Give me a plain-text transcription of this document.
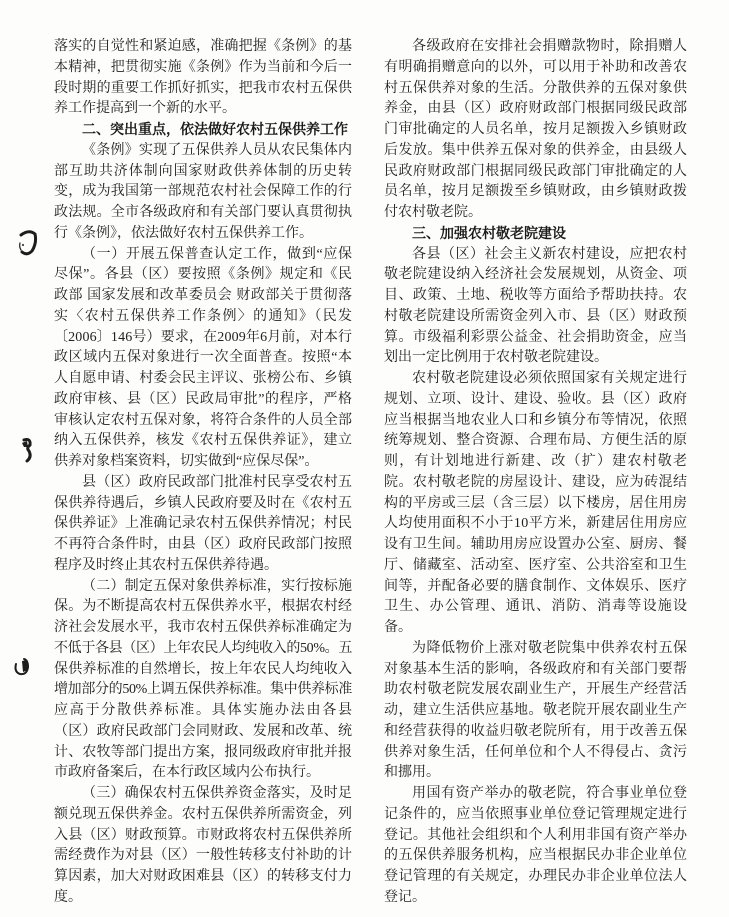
落实的自觉性和紧迫感，准确把握《条例》的基
本精神，把贯彻实施《条例》作为当前和今后一
段时期的重要工作抓好抓实，把我市农村五保供
养工作提高到一个新的水平。
二、突出重点，依法做好农村五保供养工作
《条例》实现了五保供养人员从农民集体内
部互助共济体制向国家财政供养体制的历史转
变，成为我国第一部规范农村社会保障工作的行
政法规。全市各级政府和有关部门要认真贯彻执
行《条例》，依法做好农村五保供养工作。
（一）开展五保普查认定工作，做到“应保
尽保”。各县（区）要按照《条例》规定和《民
政部 国家发展和改革委员会 财政部关于贯彻落
实〈农村五保供养工作条例〉的通知》（民发
〔2006〕146号）要求，在2009年6月前，对本行
政区域内五保对象进行一次全面普查。按照“本
人自愿申请、村委会民主评议、张榜公布、乡镇
政府审核、县（区）民政局审批”的程序，严格
审核认定农村五保对象，将符合条件的人员全部
纳入五保供养，核发《农村五保供养证》，建立
供养对象档案资料，切实做到“应保尽保”。
县（区）政府民政部门批准村民享受农村五
保供养待遇后，乡镇人民政府要及时在《农村五
保供养证》上准确记录农村五保供养情况；村民
不再符合条件时，由县（区）政府民政部门按照
程序及时终止其农村五保供养待遇。
（二）制定五保对象供养标准，实行按标施
保。为不断提高农村五保供养水平，根据农村经
济社会发展水平，我市农村五保供养标准确定为
不低于各县（区）上年农民人均纯收入的50%。五
保供养标准的自然增长，按上年农民人均纯收入
增加部分的50%上调五保供养标准。集中供养标准
应高于分散供养标准。具体实施办法由各县
（区）政府民政部门会同财政、发展和改革、统
计、农牧等部门提出方案，报同级政府审批并报
市政府备案后，在本行政区域内公布执行。
（三）确保农村五保供养资金落实，及时足
额兑现五保供养金。农村五保供养所需资金，列
入县（区）财政预算。市财政将农村五保供养所
需经费作为对县（区）一般性转移支付补助的计
算因素，加大对财政困难县（区）的转移支付力
度。
各级政府在安排社会捐赠款物时，除捐赠人
有明确捐赠意向的以外，可以用于补助和改善农
村五保供养对象的生活。分散供养的五保对象供
养金，由县（区）政府财政部门根据同级民政部
门审批确定的人员名单，按月足额拨入乡镇财政
后发放。集中供养五保对象的供养金，由县级人
民政府财政部门根据同级民政部门审批确定的人
员名单，按月足额拨至乡镇财政，由乡镇财政拨
付农村敬老院。
三、加强农村敬老院建设
各县（区）社会主义新农村建设，应把农村
敬老院建设纳入经济社会发展规划，从资金、项
目、政策、土地、税收等方面给予帮助扶持。农
村敬老院建设所需资金列入市、县（区）财政预
算。市级福利彩票公益金、社会捐助资金，应当
划出一定比例用于农村敬老院建设。
农村敬老院建设必须依照国家有关规定进行
规划、立项、设计、建设、验收。县（区）政府
应当根据当地农业人口和乡镇分布等情况，依照
统筹规划、整合资源、合理布局、方便生活的原
则，有计划地进行新建、改（扩）建农村敬老
院。农村敬老院的房屋设计、建设，应为砖混结
构的平房或三层（含三层）以下楼房，居住用房
人均使用面积不小于10平方米，新建居住用房应
设有卫生间。辅助用房应设置办公室、厨房、餐
厅、储藏室、活动室、医疗室、公共浴室和卫生
间等，并配备必要的膳食制作、文体娱乐、医疗
卫生、办公管理、通讯、消防、消毒等设施设
备。
为降低物价上涨对敬老院集中供养农村五保
对象基本生活的影响，各级政府和有关部门要帮
助农村敬老院发展农副业生产，开展生产经营活
动，建立生活供应基地。敬老院开展农副业生产
和经营获得的收益归敬老院所有，用于改善五保
供养对象生活，任何单位和个人不得侵占、贪污
和挪用。
用国有资产举办的敬老院，符合事业单位登
记条件的，应当依照事业单位登记管理规定进行
登记。其他社会组织和个人利用非国有资产举办
的五保供养服务机构，应当根据民办非企业单位
登记管理的有关规定，办理民办非企业单位法人
登记。
